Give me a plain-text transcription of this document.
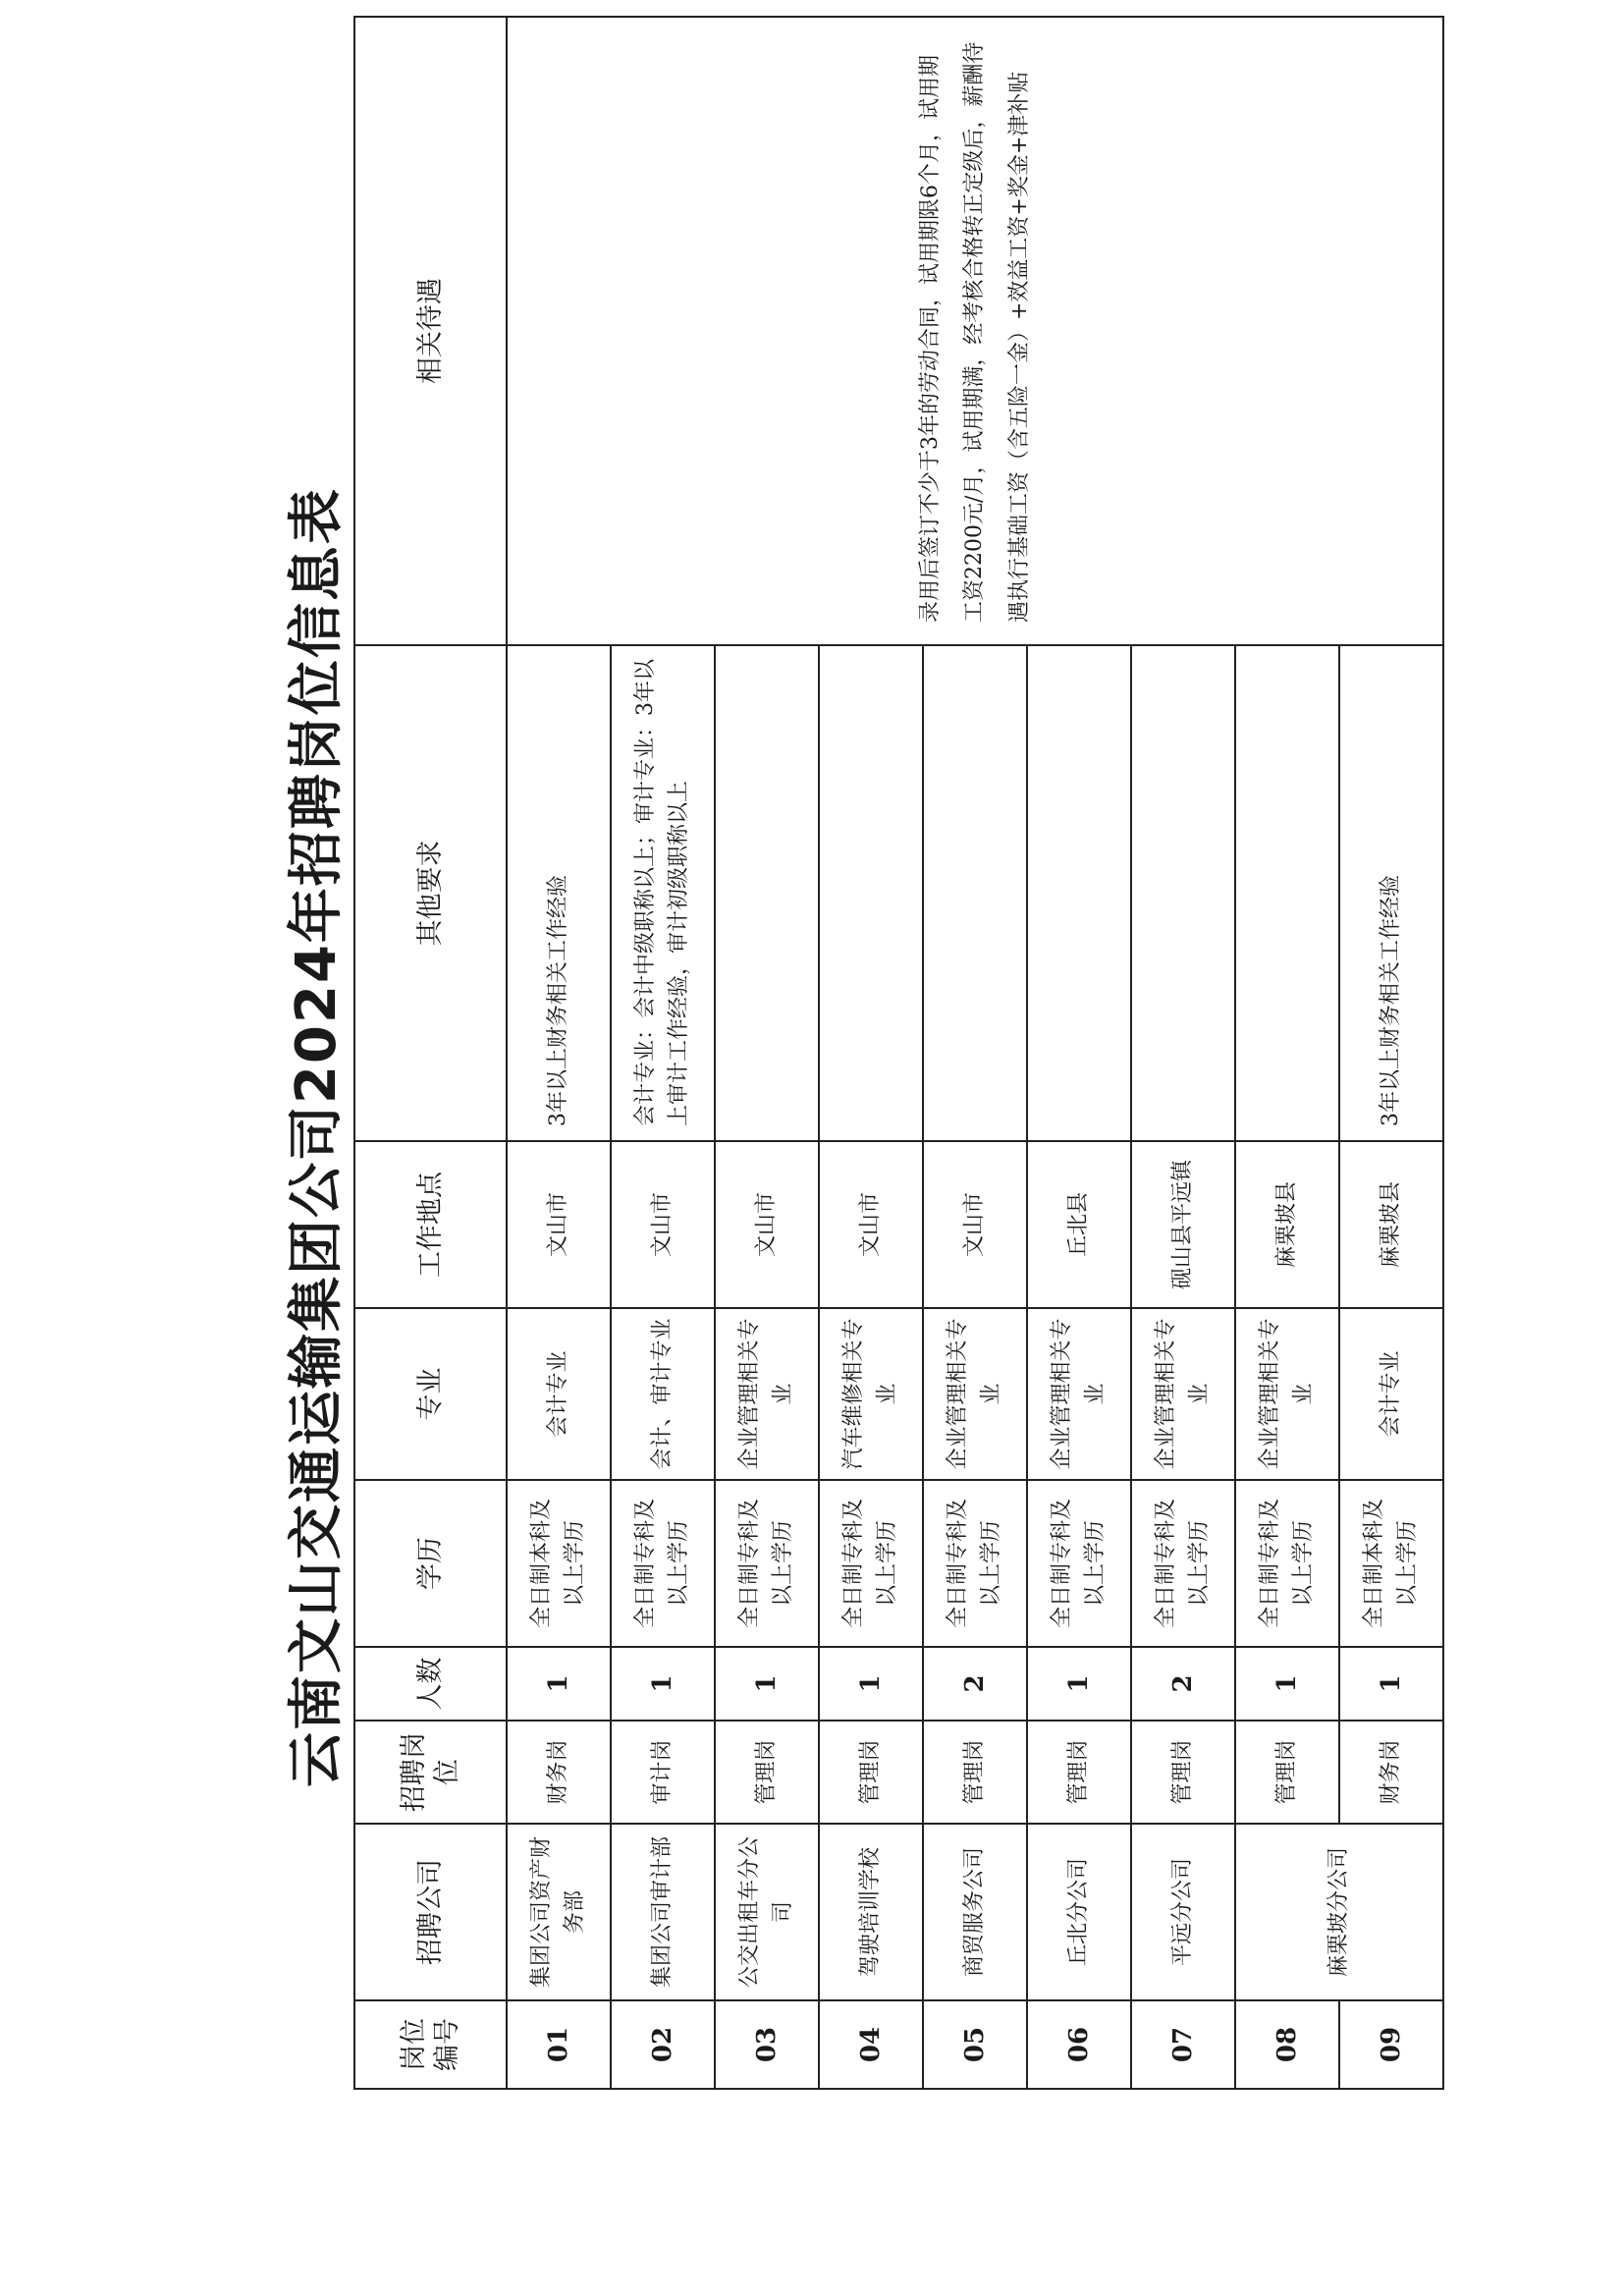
云南文山交通运输集团公司2024年招聘岗位信息表
岗位编号	招聘公司	招聘岗位	人数	学历	专业	工作地点	其他要求	相关待遇
01	集团公司资产财务部	财务岗	1	全日制本科及以上学历	会计专业	文山市	3年以上财务相关工作经验	录用后签订不少于3年的劳动合同，试用期限6个月，试用期工资2200元/月，试用期满，经考核合格转正定级后，薪酬待遇执行基础工资（含五险一金）+效益工资+奖金+津补贴
02	集团公司审计部	审计岗	1	全日制专科及以上学历	会计、审计专业	文山市	会计专业：会计中级职称以上；审计专业：3年以上审计工作经验，审计初级职称以上	
03	公交出租车分公司	管理岗	1	全日制专科及以上学历	企业管理相关专业	文山市		
04	驾驶培训学校	管理岗	1	全日制专科及以上学历	汽车维修相关专业	文山市		
05	商贸服务公司	管理岗	2	全日制专科及以上学历	企业管理相关专业	文山市		
06	丘北分公司	管理岗	1	全日制专科及以上学历	企业管理相关专业	丘北县		
07	平远分公司	管理岗	2	全日制专科及以上学历	企业管理相关专业	砚山县平远镇		
08	麻栗坡分公司	管理岗	1	全日制专科及以上学历	企业管理相关专业	麻栗坡县		
09		财务岗	1	全日制本科及以上学历	会计专业	麻栗坡县	3年以上财务相关工作经验	
